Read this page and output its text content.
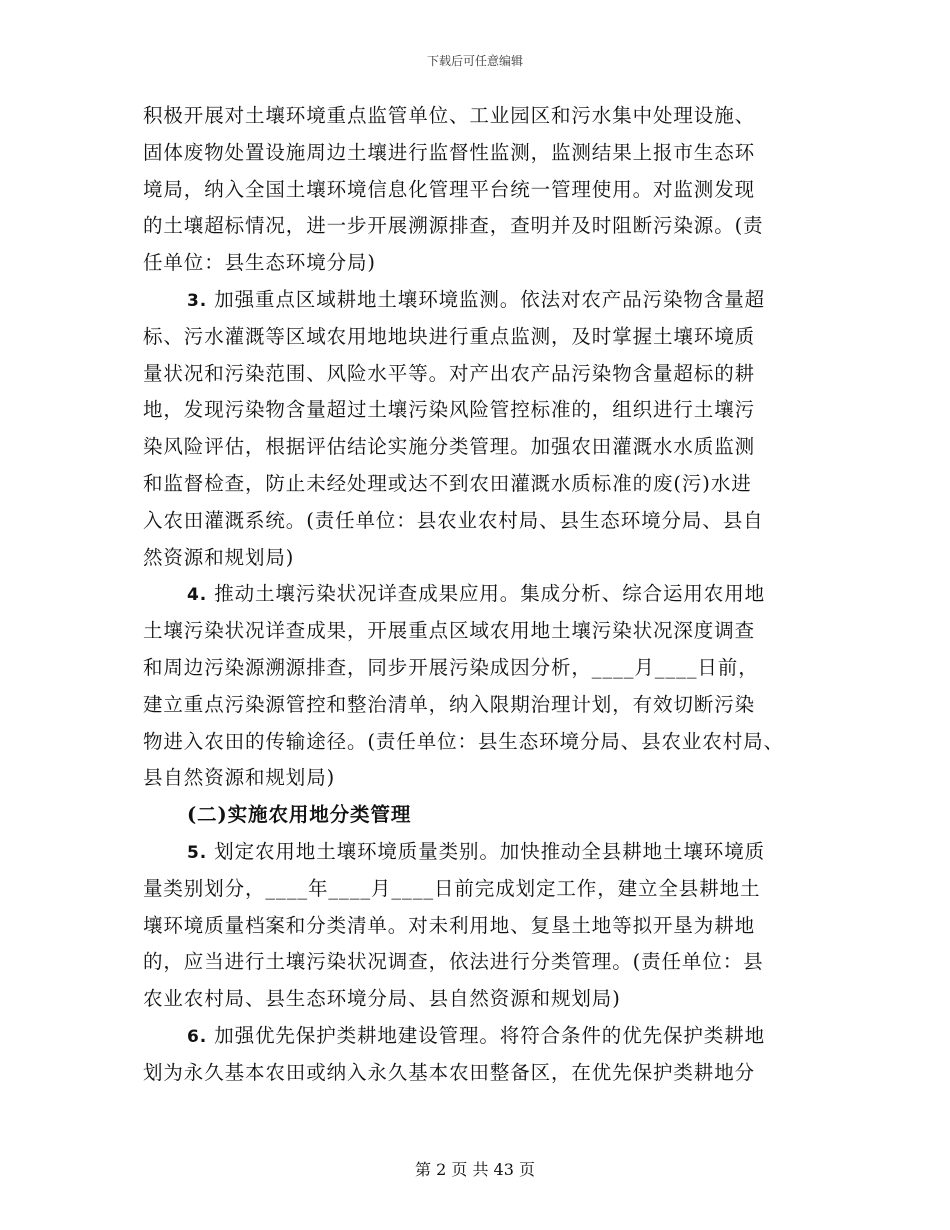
下载后可任意编辑
积极开展对土壤环境重点监管单位、工业园区和污水集中处理设施、
固体废物处置设施周边土壤进行监督性监测，监测结果上报市生态环
境局，纳入全国土壤环境信息化管理平台统一管理使用。对监测发现
的土壤超标情况，进一步开展溯源排查，查明并及时阻断污染源。(责
任单位：县生态环境分局)
3. 加强重点区域耕地土壤环境监测。依法对农产品污染物含量超
标、污水灌溉等区域农用地地块进行重点监测，及时掌握土壤环境质
量状况和污染范围、风险水平等。对产出农产品污染物含量超标的耕
地，发现污染物含量超过土壤污染风险管控标准的，组织进行土壤污
染风险评估，根据评估结论实施分类管理。加强农田灌溉水水质监测
和监督检查，防止未经处理或达不到农田灌溉水质标准的废(污)水进
入农田灌溉系统。(责任单位：县农业农村局、县生态环境分局、县自
然资源和规划局)
4. 推动土壤污染状况详查成果应用。集成分析、综合运用农用地
土壤污染状况详查成果，开展重点区域农用地土壤污染状况深度调查
和周边污染源溯源排查，同步开展污染成因分析，____月____日前，
建立重点污染源管控和整治清单，纳入限期治理计划，有效切断污染
物进入农田的传输途径。(责任单位：县生态环境分局、县农业农村局、
县自然资源和规划局)
(二)实施农用地分类管理
5. 划定农用地土壤环境质量类别。加快推动全县耕地土壤环境质
量类别划分，____年____月____日前完成划定工作，建立全县耕地土
壤环境质量档案和分类清单。对未利用地、复垦土地等拟开垦为耕地
的，应当进行土壤污染状况调查，依法进行分类管理。(责任单位：县
农业农村局、县生态环境分局、县自然资源和规划局)
6. 加强优先保护类耕地建设管理。将符合条件的优先保护类耕地
划为永久基本农田或纳入永久基本农田整备区，在优先保护类耕地分
第 2 页 共 43 页
